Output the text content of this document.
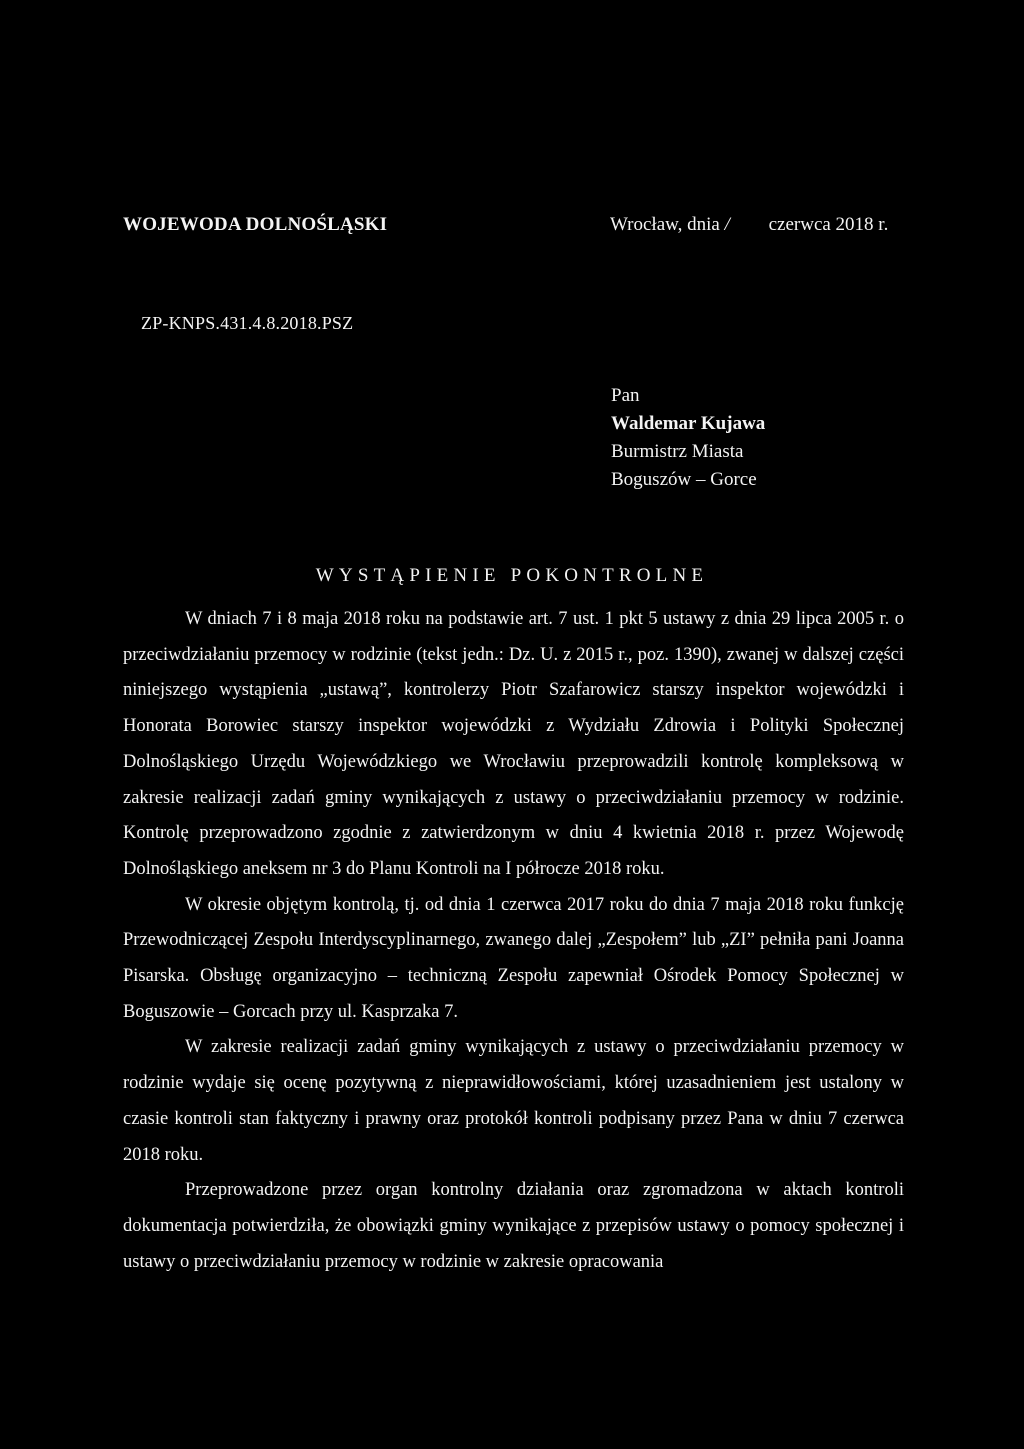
WOJEWODA DOLNOŚLĄSKI	Wrocław, dnia / czerwca 2018 r.
ZP-KNPS.431.4.8.2018.PSZ
Pan
Waldemar Kujawa
Burmistrz Miasta
Boguszów – Gorce
WYSTĄPIENIE POKONTROLNE

W dniach 7 i 8 maja 2018 roku na podstawie art. 7 ust. 1 pkt 5 ustawy z dnia 29 lipca 2005 r. o przeciwdziałaniu przemocy w rodzinie (tekst jedn.: Dz. U. z 2015 r., poz. 1390), zwanej w dalszej części niniejszego wystąpienia „ustawą”, kontrolerzy Piotr Szafarowicz starszy inspektor wojewódzki i Honorata Borowiec starszy inspektor wojewódzki z Wydziału Zdrowia i Polityki Społecznej Dolnośląskiego Urzędu Wojewódzkiego we Wrocławiu przeprowadzili kontrolę kompleksową w zakresie realizacji zadań gminy wynikających z ustawy o przeciwdziałaniu przemocy w rodzinie. Kontrolę przeprowadzono zgodnie z zatwierdzonym w dniu 4 kwietnia 2018 r. przez Wojewodę Dolnośląskiego aneksem nr 3 do Planu Kontroli na I półrocze 2018 roku.

W okresie objętym kontrolą, tj. od dnia 1 czerwca 2017 roku do dnia 7 maja 2018 roku funkcję Przewodniczącej Zespołu Interdyscyplinarnego, zwanego dalej „Zespołem” lub „ZI” pełniła pani Joanna Pisarska. Obsługę organizacyjno – techniczną Zespołu zapewniał Ośrodek Pomocy Społecznej w Boguszowie – Gorcach przy ul. Kasprzaka 7.

W zakresie realizacji zadań gminy wynikających z ustawy o przeciwdziałaniu przemocy w rodzinie wydaje się ocenę pozytywną z nieprawidłowościami, której uzasadnieniem jest ustalony w czasie kontroli stan faktyczny i prawny oraz protokół kontroli podpisany przez Pana w dniu 7 czerwca 2018 roku.

Przeprowadzone przez organ kontrolny działania oraz zgromadzona w aktach kontroli dokumentacja potwierdziła, że obowiązki gminy wynikające z przepisów ustawy o pomocy społecznej i ustawy o przeciwdziałaniu przemocy w rodzinie w zakresie opracowania
